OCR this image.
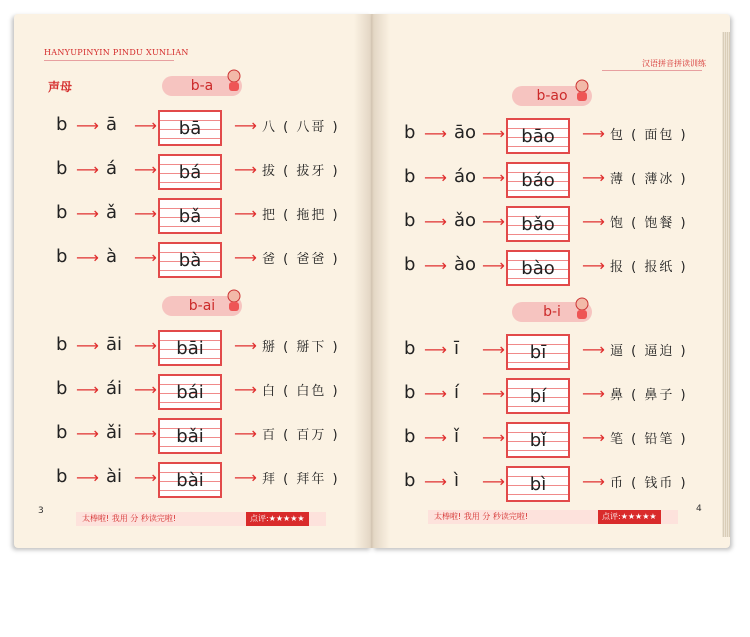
HANYUPINYIN PINDU XUNLIAN
声母	b-a
b ⟶ ā ⟶	bā	⟶ 八 ( 八哥 )
b ⟶ á ⟶	bá	⟶ 拔 ( 拔牙 )
b ⟶ ǎ ⟶	bǎ	⟶ 把 ( 拖把 )
b ⟶ à ⟶	bà	⟶ 爸 ( 爸爸 )
b-ai
b ⟶ āi ⟶	bāi	⟶ 掰 ( 掰下 )
b ⟶ ái ⟶	bái	⟶ 白 ( 白色 )
b ⟶ ǎi ⟶	bǎi	⟶ 百 ( 百万 )
b ⟶ ài ⟶	bài	⟶ 拜 ( 拜年 )
3
太棒啦! 我用 分 秒读完啦!	点评:★★★★★
汉语拼音拼读训练
b-ao
b ⟶ āo ⟶ bāo	⟶ 包 ( 面包 )
b ⟶ áo ⟶ báo	⟶ 薄 ( 薄冰 )
b ⟶ ǎo ⟶ bǎo	⟶ 饱 ( 饱餐 )
b ⟶ ào ⟶ bào	⟶ 报 ( 报纸 )
b-i
b ⟶ ī ⟶	bī	⟶ 逼 ( 逼迫 )
b ⟶ í ⟶	bí	⟶ 鼻 ( 鼻子 )
b ⟶ ǐ ⟶	bǐ	⟶ 笔 ( 铅笔 )
b ⟶ ì ⟶	bì	⟶ 币 ( 钱币 )
4
太棒啦! 我用 分 秒读完啦!	点评:★★★★★
